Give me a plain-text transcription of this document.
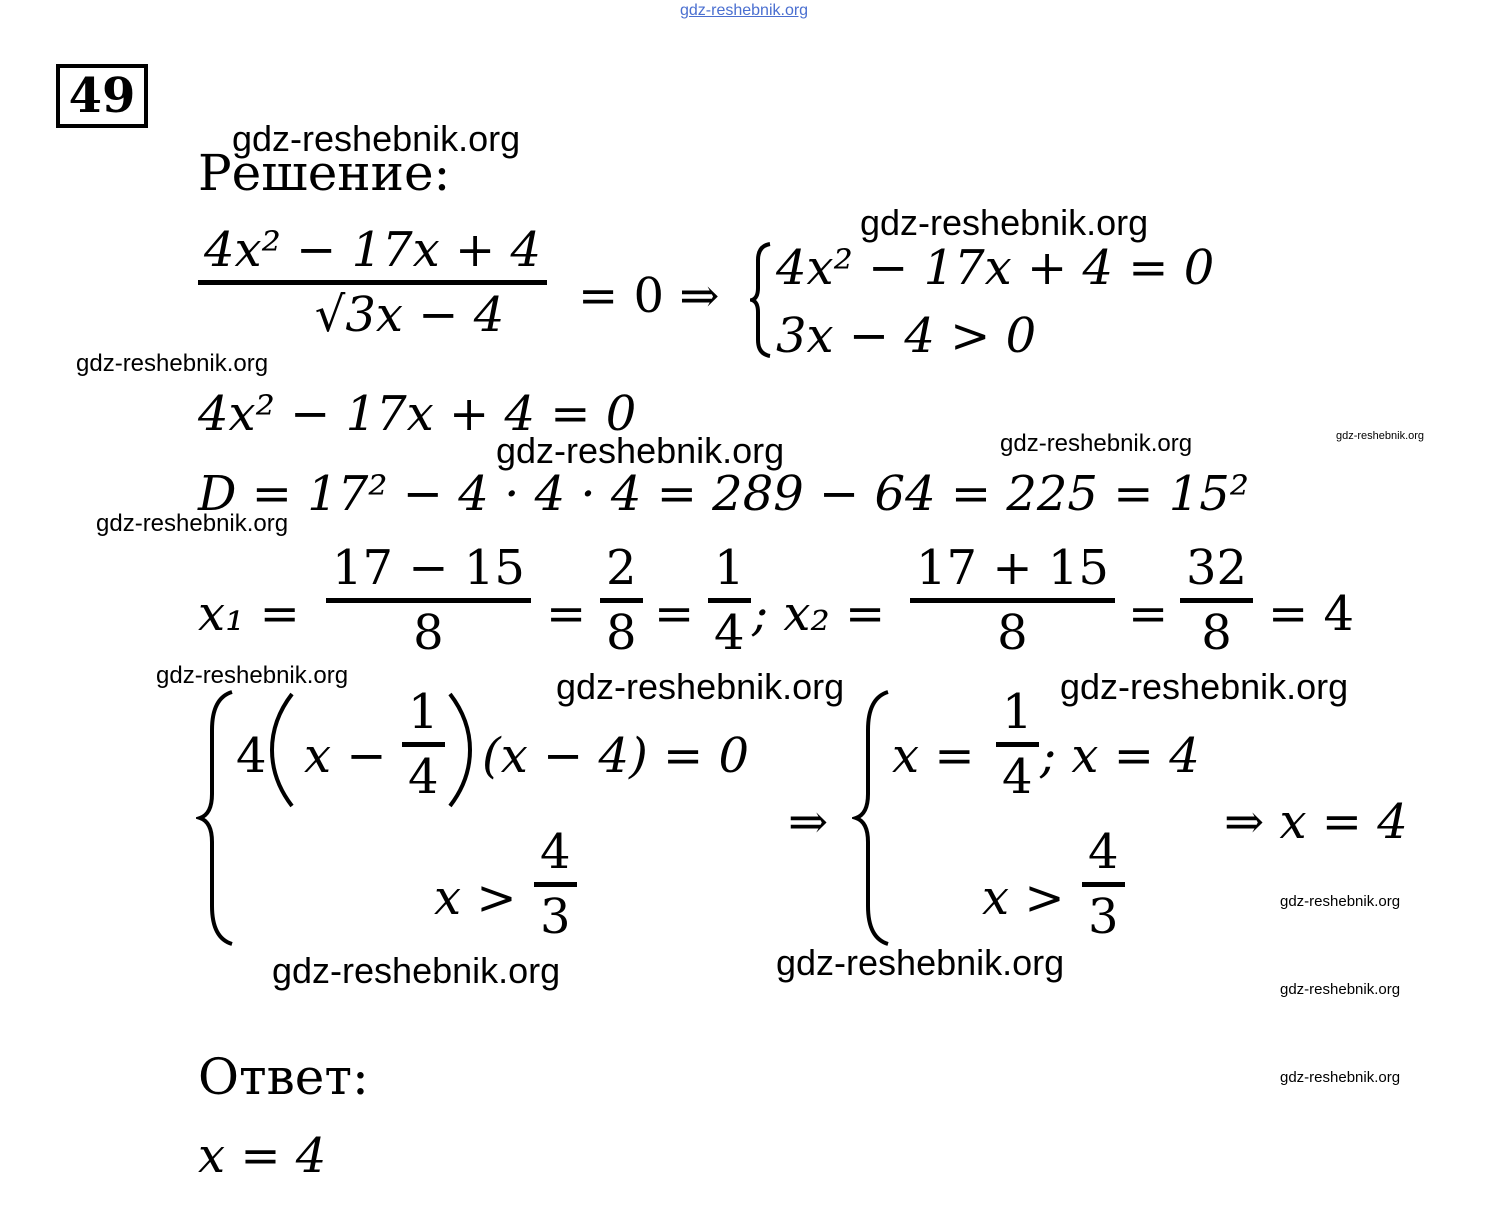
gdz-reshebnik.org
49
gdz-reshebnik.org
gdz-reshebnik.org
gdz-reshebnik.org
gdz-reshebnik.org	gdz-reshebnik.org	gdz-reshebnik.org
gdz-reshebnik.org
gdz-reshebnik.org	gdz-reshebnik.org	gdz-reshebnik.org
gdz-reshebnik.org
gdz-reshebnik.org	gdz-reshebnik.org
gdz-reshebnik.org
gdz-reshebnik.org
Решение:
4x² − 17x + 4
√3x − 4 = 0 ⇒ 4x² − 17x + 4 = 0
3x − 4 > 0
4x² − 17x + 4 = 0
D = 17² − 4 · 4 · 4 = 289 − 64 = 225 = 15²
x₁ =
17 − 15
8 =
2
8 =
1
4 ; x₂ =
17 + 15
8 =
32
8 = 4
4 x −
1
4 (x − 4) = 0
x >
4
3
⇒
x =
1
4 ; x = 4
x >
4
3
⇒ x = 4
Ответ:
x = 4
